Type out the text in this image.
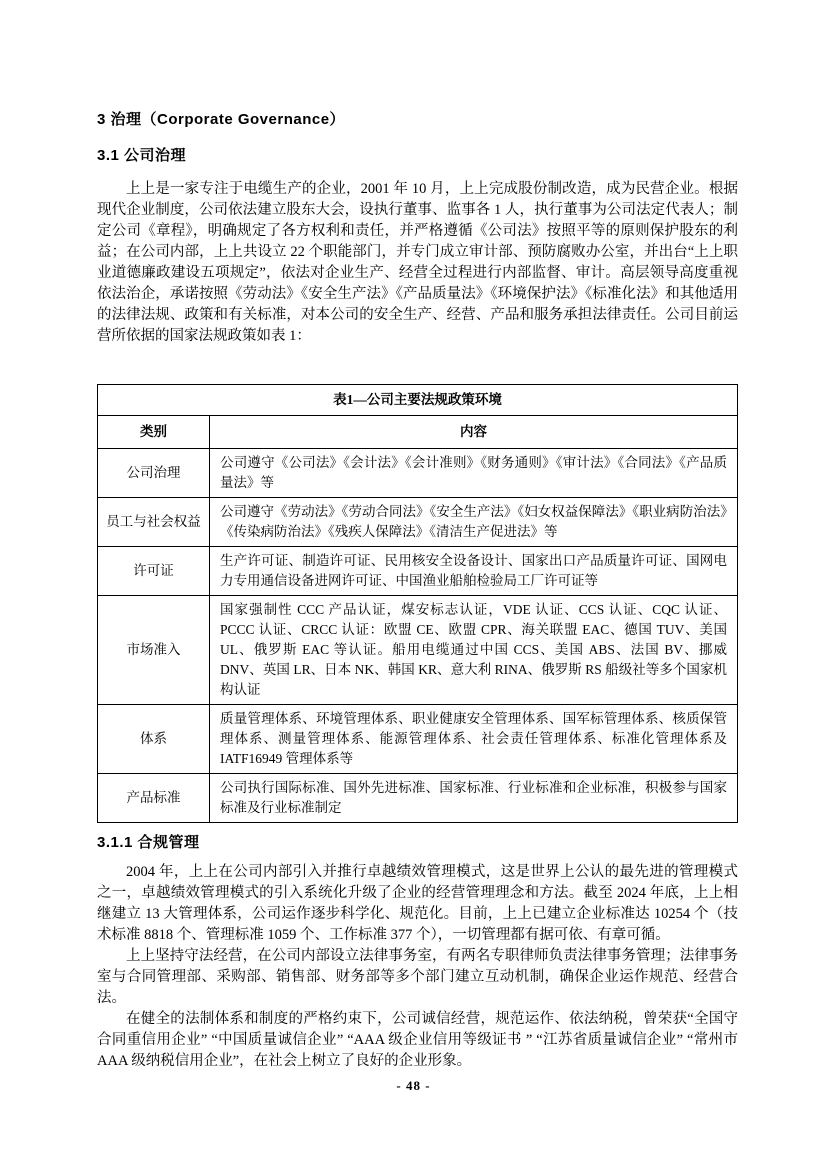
3 治理（Corporate Governance）
3.1 公司治理

上上是一家专注于电缆生产的企业，2001 年 10 月，上上完成股份制改造，成为民营企业。根据现代企业制度，公司依法建立股东大会，设执行董事、监事各 1 人，执行董事为公司法定代表人；制定公司《章程》，明确规定了各方权利和责任，并严格遵循《公司法》按照平等的原则保护股东的利益；在公司内部，上上共设立 22 个职能部门，并专门成立审计部、预防腐败办公室，并出台“上上职业道德廉政建设五项规定”，依法对企业生产、经营全过程进行内部监督、审计。高层领导高度重视依法治企，承诺按照《劳动法》《安全生产法》《产品质量法》《环境保护法》《标准化法》和其他适用的法律法规、政策和有关标准，对本公司的安全生产、经营、产品和服务承担法律责任。公司目前运营所依据的国家法规政策如表 1：

表1—公司主要法规政策环境	
类别	内容
公司治理	公司遵守《公司法》《会计法》《会计准则》《财务通则》《审计法》《合同法》《产品质量法》等
员工与社会权益	公司遵守《劳动法》《劳动合同法》《安全生产法》《妇女权益保障法》《职业病防治法》《传染病防治法》《残疾人保障法》《清洁生产促进法》等
许可证	生产许可证、制造许可证、民用核安全设备设计、国家出口产品质量许可证、国网电力专用通信设备进网许可证、中国渔业船舶检验局工厂许可证等
市场准入	国家强制性 CCC 产品认证，煤安标志认证，VDE 认证、CCS 认证、CQC 认证、PCCC 认证、CRCC 认证：欧盟 CE、欧盟 CPR、海关联盟 EAC、德国 TUV、美国 UL、俄罗斯 EAC 等认证。船用电缆通过中国 CCS、美国 ABS、法国 BV、挪威 DNV、英国 LR、日本 NK、韩国 KR、意大利 RINA、俄罗斯 RS 船级社等多个国家机构认证
体系	质量管理体系、环境管理体系、职业健康安全管理体系、国军标管理体系、核质保管理体系、测量管理体系、能源管理体系、社会责任管理体系、标准化管理体系及 IATF16949 管理体系等
产品标准	公司执行国际标准、国外先进标准、国家标准、行业标准和企业标准，积极参与国家标准及行业标准制定
3.1.1 合规管理

2004 年，上上在公司内部引入并推行卓越绩效管理模式，这是世界上公认的最先进的管理模式之一，卓越绩效管理模式的引入系统化升级了企业的经营管理理念和方法。截至 2024 年底，上上相继建立 13 大管理体系，公司运作逐步科学化、规范化。目前，上上已建立企业标准达 10254 个（技术标准 8818 个、管理标准 1059 个、工作标准 377 个），一切管理都有据可依、有章可循。

上上坚持守法经营，在公司内部设立法律事务室，有两名专职律师负责法律事务管理；法律事务室与合同管理部、采购部、销售部、财务部等多个部门建立互动机制，确保企业运作规范、经营合法。

在健全的法制体系和制度的严格约束下，公司诚信经营，规范运作、依法纳税，曾荣获“全国守合同重信用企业” “中国质量诚信企业” “AAA 级企业信用等级证书 ” “江苏省质量诚信企业” “常州市 AAA 级纳税信用企业”，在社会上树立了良好的企业形象。

- 48 -
